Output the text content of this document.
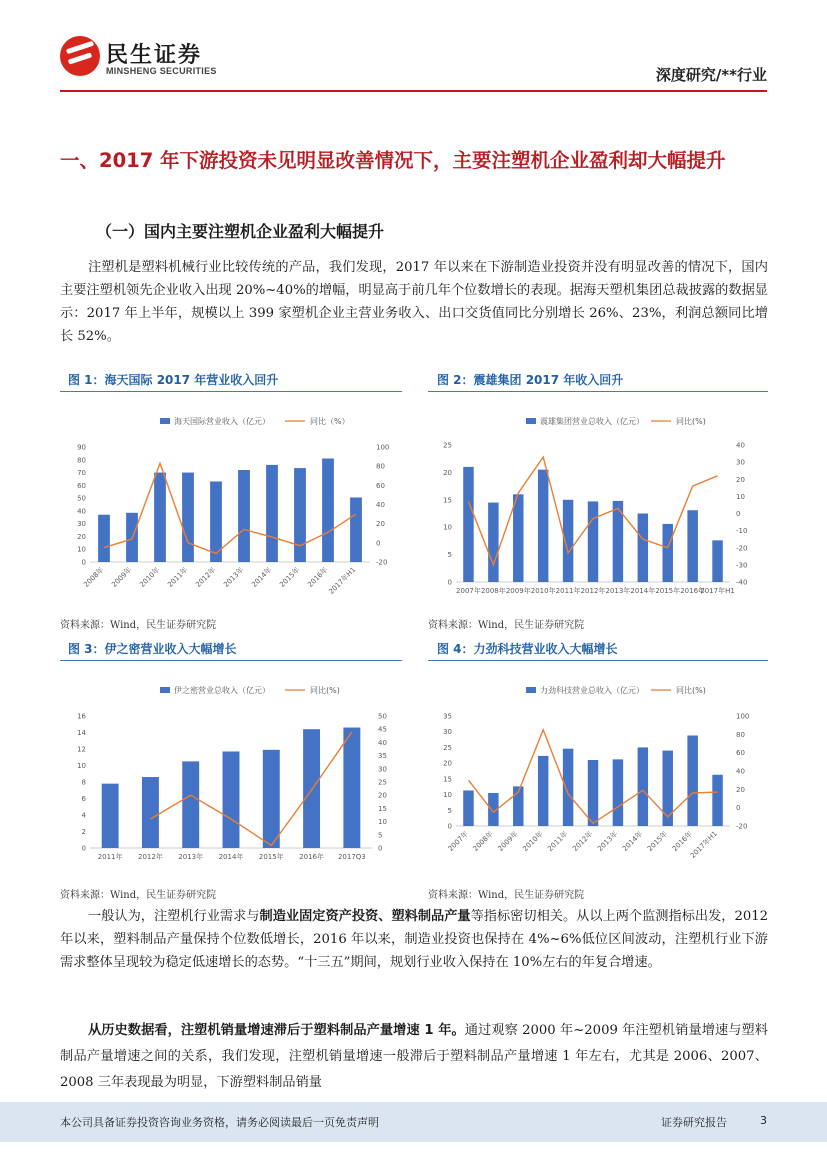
民生证券
MINSHENG SECURITIES	深度研究/**行业
一、2017 年下游投资未见明显改善情况下，主要注塑机企业盈利却大幅提升
（一）国内主要注塑机企业盈利大幅提升
注塑机是塑料机械行业比较传统的产品，我们发现，2017 年以来在下游制造业投资并没有明显改善的情况下，国内主要注塑机领先企业收入出现 20%~40%的增幅，明显高于前几年个位数增长的表现。据海天塑机集团总裁披露的数据显示：2017 年上半年，规模以上 399 家塑机企业主营业务收入、出口交货值同比分别增长 26%、23%，利润总额同比增长 52%。
图 1：海天国际 2017 年营业收入回升
海天国际营业收入（亿元）	同比（%）
0
10
20
30
40
50
60
70
80
90
-20
0
20
40
60
80
100
2008年 2009年 2010年 2011年 2012年 2013年 2014年 2015年 2016年
2017年H1
资料来源：Wind，民生证券研究院
图 2：震雄集团 2017 年收入回升
震雄集团营业总收入（亿元）	同比(%)
0
5
10
15
20
25
-40
-30
-20
-10
0
10
20
30
40
2007年 2008年 2009年 2010年 2011年 2012年 2013年 2014年 2015年 2016年
2017年H1
资料来源：Wind，民生证券研究院
图 3：伊之密营业收入大幅增长
伊之密营业总收入（亿元）	同比(%)
0
2
4
6
8
10
12
14
16
0
5
10
15
20
25
30
35
40
45
50
2011年 2012年 2013年 2014年 2015年 2016年 2017Q3
资料来源：Wind，民生证券研究院
图 4：力劲科技营业收入大幅增长
力劲科技营业总收入（亿元）	同比(%)
0
5
10
15
20
25
30
35
-20
0
20
40
60
80
100
2007年 2008年 2009年 2010年 2011年 2012年 2013年 2014年 2015年 2016年
2017年H1
资料来源：Wind，民生证券研究院
一般认为，注塑机行业需求与制造业固定资产投资、塑料制品产量等指标密切相关。从以上两个监测指标出发，2012 年以来，塑料制品产量保持个位数低增长，2016 年以来，制造业投资也保持在 4%~6%低位区间波动，注塑机行业下游需求整体呈现较为稳定低速增长的态势。“十三五”期间，规划行业收入保持在 10%左右的年复合增速。
从历史数据看，注塑机销量增速滞后于塑料制品产量增速 1 年。通过观察 2000 年~2009 年注塑机销量增速与塑料制品产量增速之间的关系，我们发现，注塑机销量增速一般滞后于塑料制品产量增速 1 年左右，尤其是 2006、2007、2008 三年表现最为明显，下游塑料制品销量
本公司具备证券投资咨询业务资格，请务必阅读最后一页免责声明	证券研究报告	3
